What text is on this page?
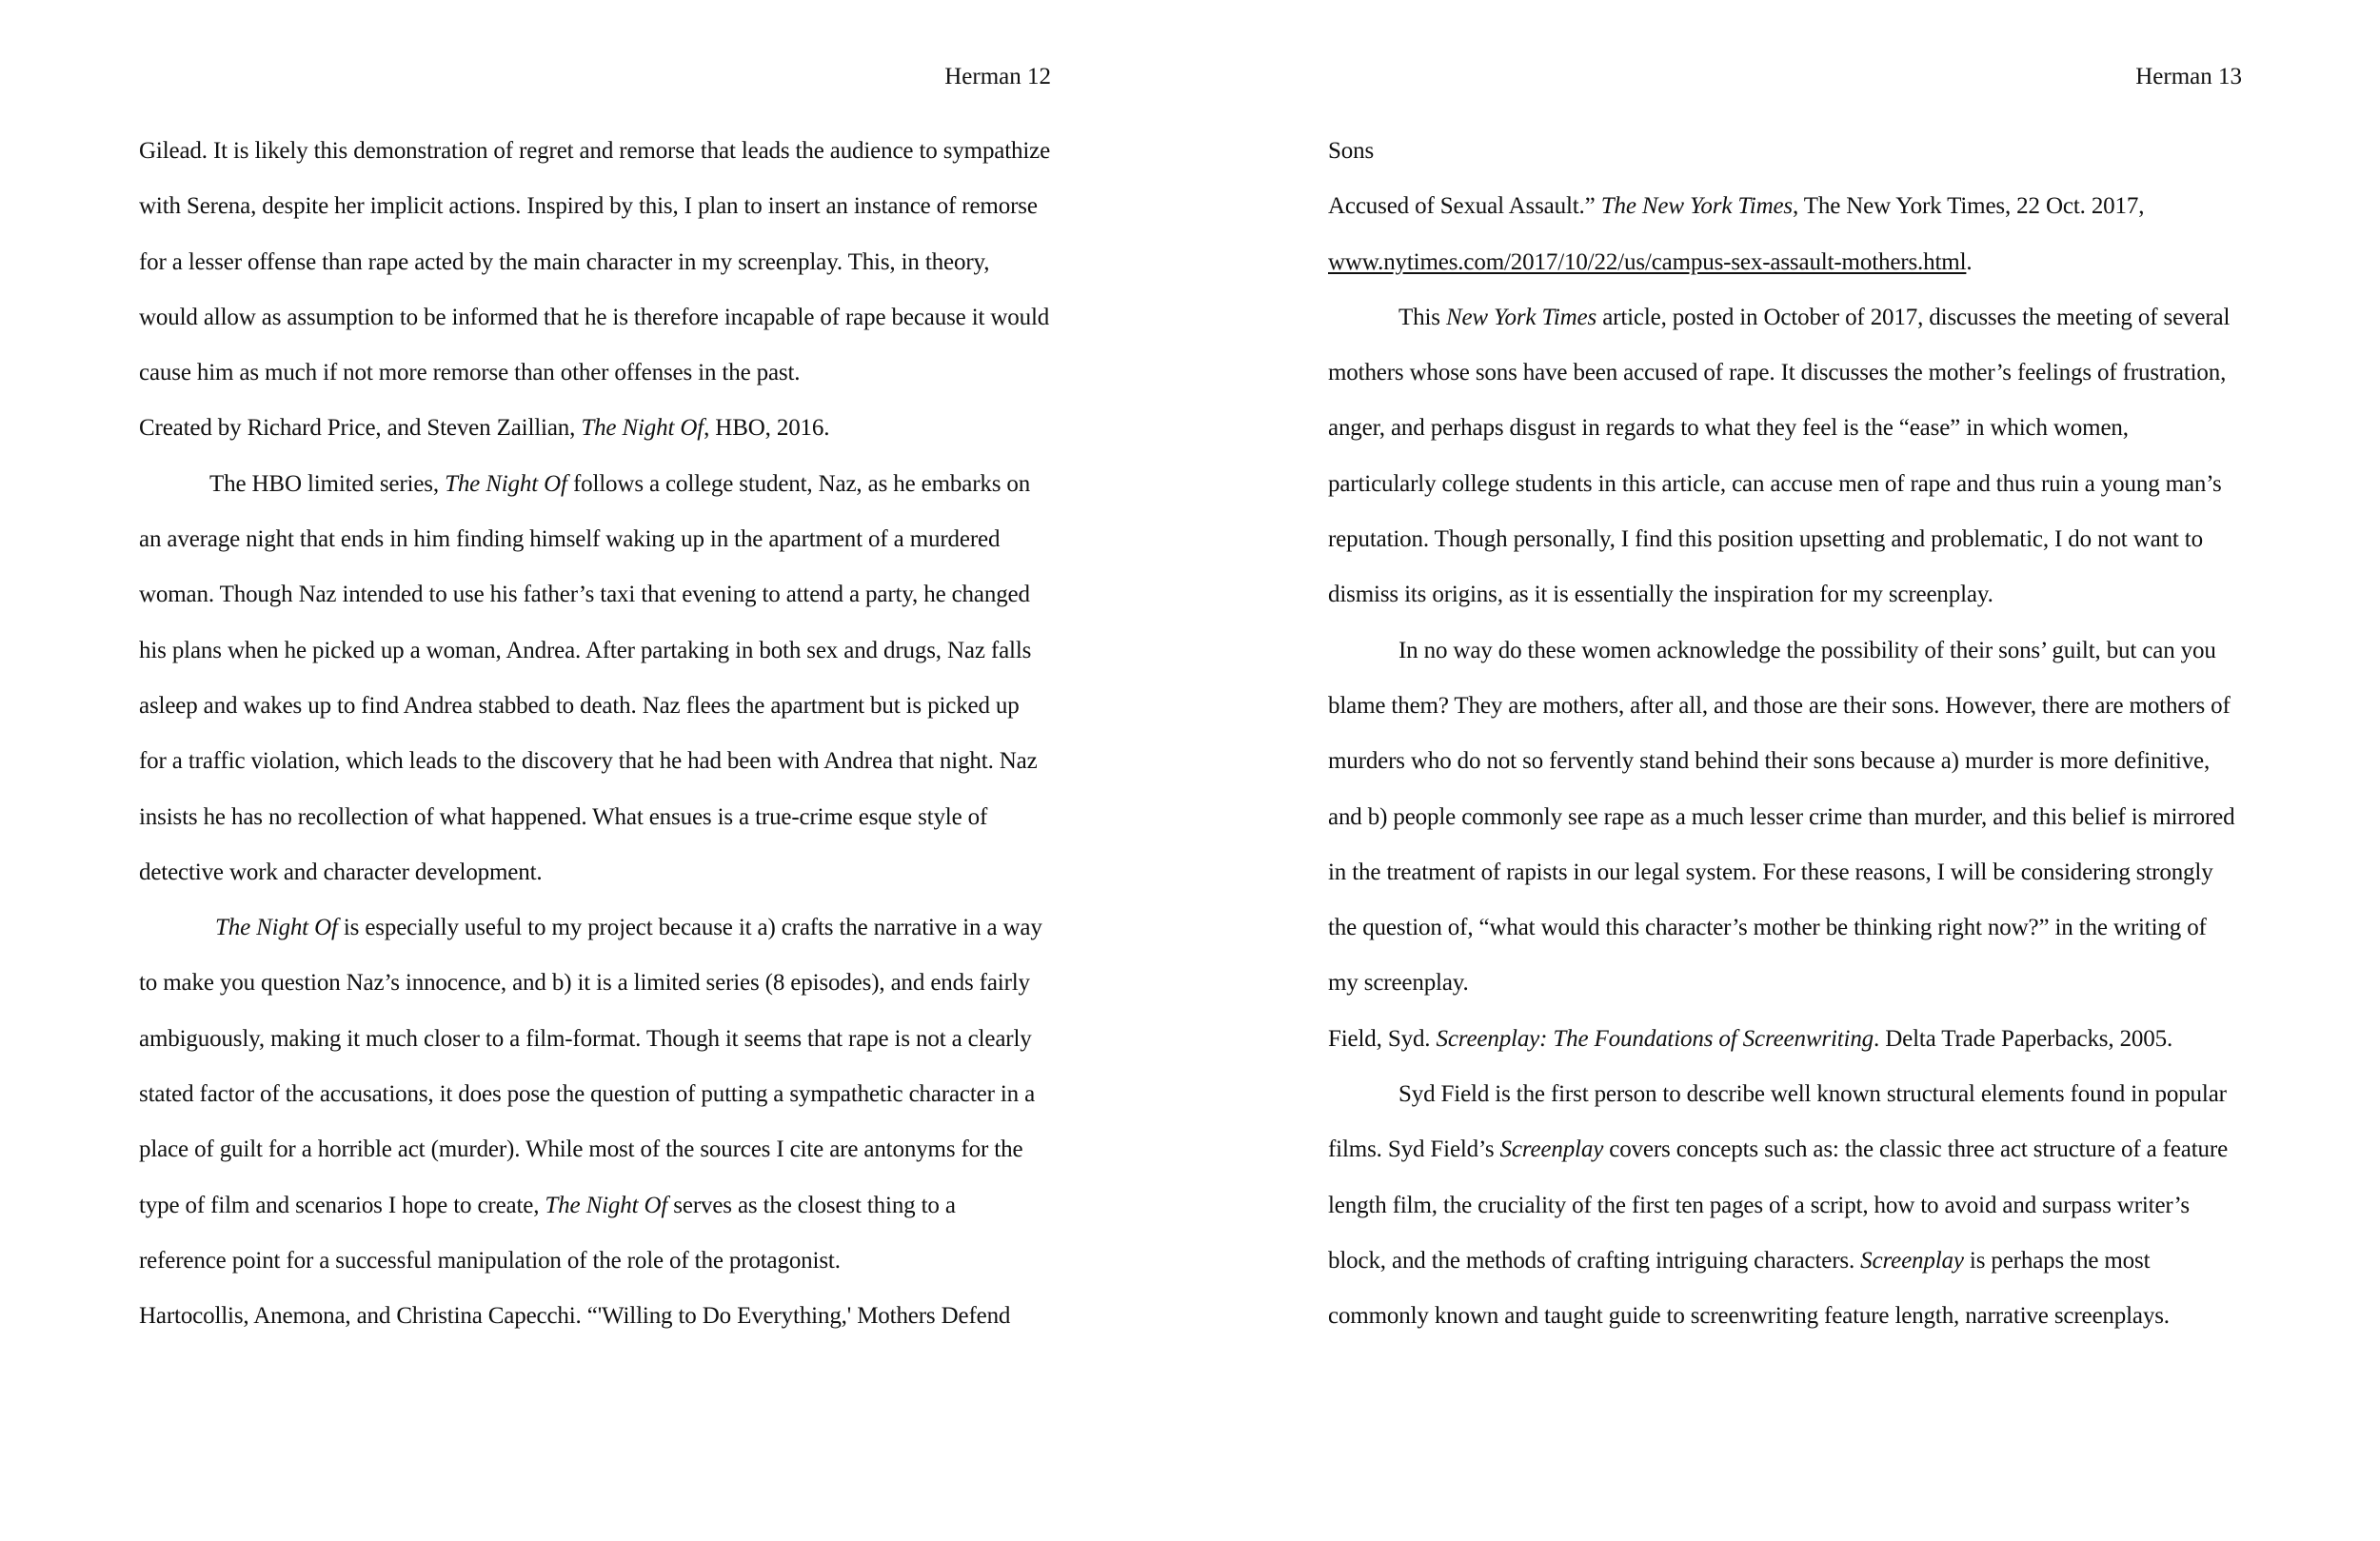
Herman 12
Gilead. It is likely this demonstration of regret and remorse that leads the audience to sympathize
with Serena, despite her implicit actions. Inspired by this, I plan to insert an instance of remorse
for a lesser offense than rape acted by the main character in my screenplay. This, in theory,
would allow as assumption to be informed that he is therefore incapable of rape because it would
cause him as much if not more remorse than other offenses in the past.
Created by Richard Price, and Steven Zaillian, The Night Of, HBO, 2016.
The HBO limited series, The Night Of follows a college student, Naz, as he embarks on
an average night that ends in him finding himself waking up in the apartment of a murdered
woman. Though Naz intended to use his father’s taxi that evening to attend a party, he changed
his plans when he picked up a woman, Andrea. After partaking in both sex and drugs, Naz falls
asleep and wakes up to find Andrea stabbed to death. Naz flees the apartment but is picked up
for a traffic violation, which leads to the discovery that he had been with Andrea that night. Naz
insists he has no recollection of what happened. What ensues is a true-crime esque style of
detective work and character development.
The Night Of is especially useful to my project because it a) crafts the narrative in a way
to make you question Naz’s innocence, and b) it is a limited series (8 episodes), and ends fairly
ambiguously, making it much closer to a film-format. Though it seems that rape is not a clearly
stated factor of the accusations, it does pose the question of putting a sympathetic character in a
place of guilt for a horrible act (murder). While most of the sources I cite are antonyms for the
type of film and scenarios I hope to create, The Night Of serves as the closest thing to a
reference point for a successful manipulation of the role of the protagonist.
Hartocollis, Anemona, and Christina Capecchi. “'Willing to Do Everything,' Mothers Defend
Herman 13
Sons
Accused of Sexual Assault.” The New York Times, The New York Times, 22 Oct. 2017,
www.nytimes.com/2017/10/22/us/campus-sex-assault-mothers.html.
This New York Times article, posted in October of 2017, discusses the meeting of several
mothers whose sons have been accused of rape. It discusses the mother’s feelings of frustration,
anger, and perhaps disgust in regards to what they feel is the “ease” in which women,
particularly college students in this article, can accuse men of rape and thus ruin a young man’s
reputation. Though personally, I find this position upsetting and problematic, I do not want to
dismiss its origins, as it is essentially the inspiration for my screenplay.
In no way do these women acknowledge the possibility of their sons’ guilt, but can you
blame them? They are mothers, after all, and those are their sons. However, there are mothers of
murders who do not so fervently stand behind their sons because a) murder is more definitive,
and b) people commonly see rape as a much lesser crime than murder, and this belief is mirrored
in the treatment of rapists in our legal system. For these reasons, I will be considering strongly
the question of, “what would this character’s mother be thinking right now?” in the writing of
my screenplay.
Field, Syd. Screenplay: The Foundations of Screenwriting. Delta Trade Paperbacks, 2005.
Syd Field is the first person to describe well known structural elements found in popular
films. Syd Field’s Screenplay covers concepts such as: the classic three act structure of a feature
length film, the cruciality of the first ten pages of a script, how to avoid and surpass writer’s
block, and the methods of crafting intriguing characters. Screenplay is perhaps the most
commonly known and taught guide to screenwriting feature length, narrative screenplays.
